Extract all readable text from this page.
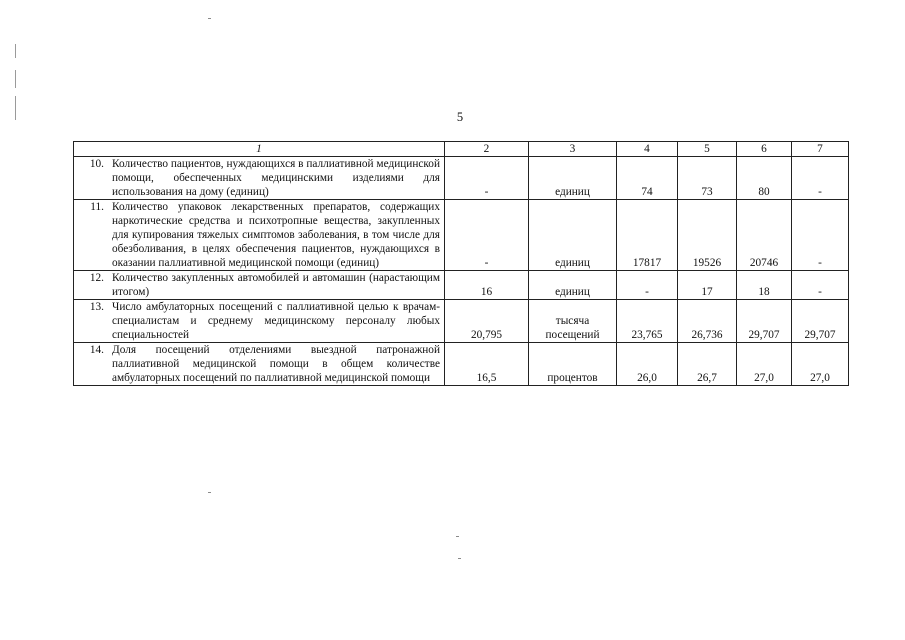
5
1	2	3	4	5	6	7

10. Количество пациентов, нуждающихся в паллиативной медицинской помощи, обеспеченных медицинскими изделиями для использования на дому (единиц)	-	единиц	74	73	80	-

11. Количество упаковок лекарственных препаратов, содержащих наркотические средства и психотропные вещества, закупленных для купирования тяжелых симптомов заболевания, в том числе для обезболивания, в целях обеспечения пациентов, нуждающихся в оказании паллиативной медицинской помощи (единиц)	-	единиц	17817	19526	20746	-

12. Количество закупленных автомобилей и автомашин (нарастающим итогом)	16	единиц	-	17	18	-

13. Число амбулаторных посещений с паллиативной целью к врачам-специалистам и среднему медицинскому персоналу любых специальностей	20,795	тысяча посещений	23,765	26,736	29,707	29,707

14. Доля посещений отделениями выездной патронажной паллиативной медицинской помощи в общем количестве амбулаторных посещений по паллиативной медицинской помощи	16,5	процентов	26,0	26,7	27,0	27,0
